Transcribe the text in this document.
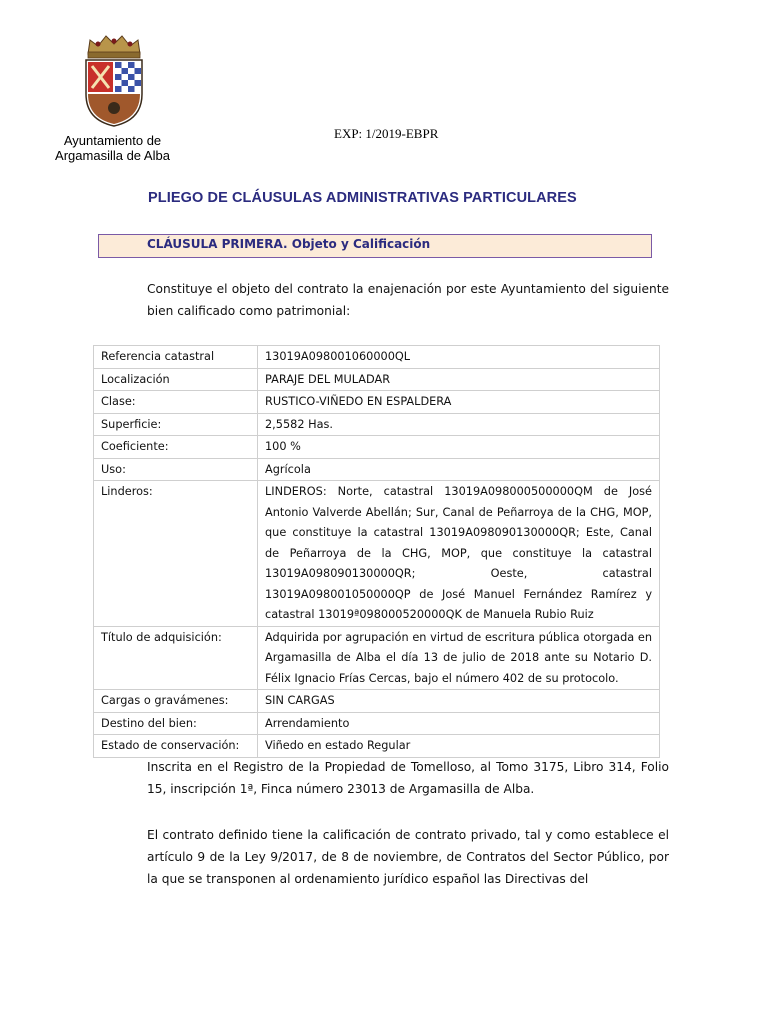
Ayuntamiento de
Argamasilla de Alba
EXP: 1/2019-EBPR
PLIEGO DE CLÁUSULAS ADMINISTRATIVAS PARTICULARES
CLÁUSULA PRIMERA. Objeto y Calificación
Constituye el objeto del contrato la enajenación por este Ayuntamiento del siguiente bien calificado como patrimonial:
Referencia catastral	13019A098001060000QL
Localización	PARAJE DEL MULADAR
Clase:	RUSTICO-VIÑEDO EN ESPALDERA
Superficie:	2,5582 Has.
Coeficiente:	100 %
Uso:	Agrícola
Linderos:	LINDEROS: Norte, catastral 13019A098000500000QM de José Antonio Valverde Abellán; Sur, Canal de Peñarroya de la CHG, MOP, que constituye la catastral 13019A098090130000QR; Este, Canal de Peñarroya de la CHG, MOP, que constituye la catastral 13019A098090130000QR; Oeste, catastral 13019A098001050000QP de José Manuel Fernández Ramírez y catastral 13019ª098000520000QK de Manuela Rubio Ruiz
Título de adquisición:	Adquirida por agrupación en virtud de escritura pública otorgada en Argamasilla de Alba el día 13 de julio de 2018 ante su Notario D. Félix Ignacio Frías Cercas, bajo el número 402 de su protocolo.
Cargas o gravámenes:	SIN CARGAS
Destino del bien:	Arrendamiento
Estado de conservación:	Viñedo en estado Regular
Inscrita en el Registro de la Propiedad de Tomelloso, al Tomo 3175, Libro 314, Folio 15, inscripción 1ª, Finca número 23013 de Argamasilla de Alba.
El contrato definido tiene la calificación de contrato privado, tal y como establece el artículo 9 de la Ley 9/2017, de 8 de noviembre, de Contratos del Sector Público, por la que se transponen al ordenamiento jurídico español las Directivas del
